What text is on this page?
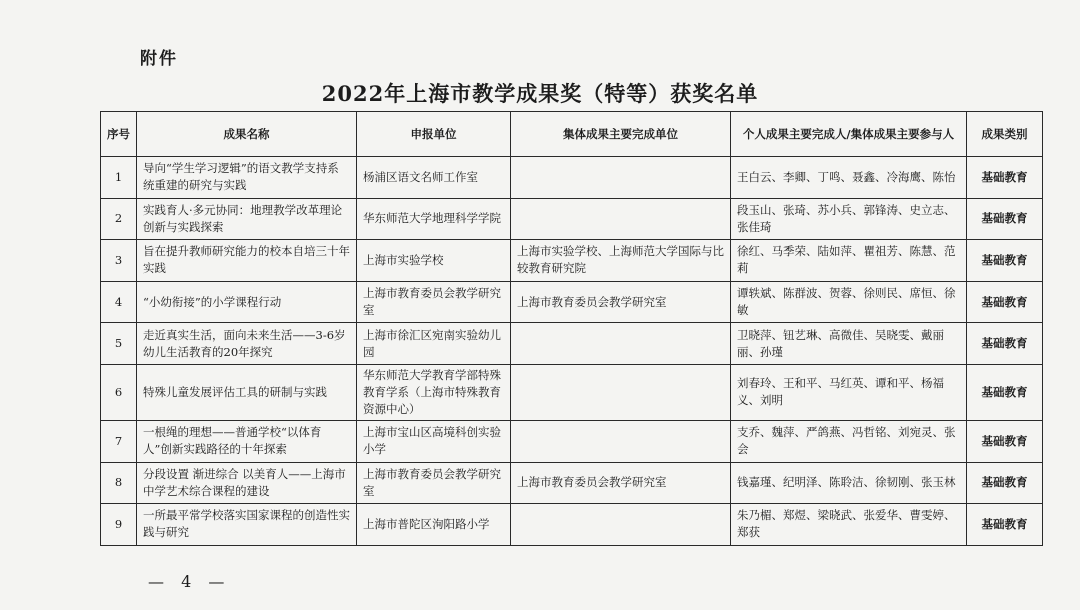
附件
2022年上海市教学成果奖（特等）获奖名单
序号	成果名称	申报单位	集体成果主要完成单位	个人成果主要完成人/集体成果主要参与人	成果类别
1	导向“学生学习逻辑”的语文教学支持系统重建的研究与实践	杨浦区语文名师工作室		王白云、李卿、丁鸣、聂鑫、冷海鹰、陈怡	基础教育
2	实践育人·多元协同：地理教学改革理论创新与实践探索	华东师范大学地理科学学院		段玉山、张琦、苏小兵、郭锋涛、史立志、张佳琦	基础教育
3	旨在提升教师研究能力的校本自培三十年实践	上海市实验学校	上海市实验学校、上海师范大学国际与比较教育研究院	徐红、马季荣、陆如萍、瞿祖芳、陈慧、范莉	基础教育
4	“小幼衔接”的小学课程行动	上海市教育委员会教学研究室	上海市教育委员会教学研究室	谭轶斌、陈群波、贺蓉、徐则民、席恒、徐敏	基础教育
5	走近真实生活，面向未来生活——3-6岁幼儿生活教育的20年探究	上海市徐汇区宛南实验幼儿园		卫晓萍、钮艺琳、高微佳、吴晓雯、戴丽丽、孙瑾	基础教育
6	特殊儿童发展评估工具的研制与实践	华东师范大学教育学部特殊教育学系（上海市特殊教育资源中心）		刘春玲、王和平、马红英、谭和平、杨福义、刘明	基础教育
7	一根绳的理想——普通学校“以体育人”创新实践路径的十年探索	上海市宝山区高境科创实验小学		支乔、魏萍、严鸽燕、冯哲铭、刘宛灵、张会	基础教育
8	分段设置 渐进综合 以美育人——上海市中学艺术综合课程的建设	上海市教育委员会教学研究室	上海市教育委员会教学研究室	钱嘉瑾、纪明泽、陈聆洁、徐韧刚、张玉林	基础教育
9	一所最平常学校落实国家课程的创造性实践与研究	上海市普陀区洵阳路小学		朱乃楣、郑煜、梁晓武、张爱华、曹雯婷、郑获	基础教育
— 4 —
